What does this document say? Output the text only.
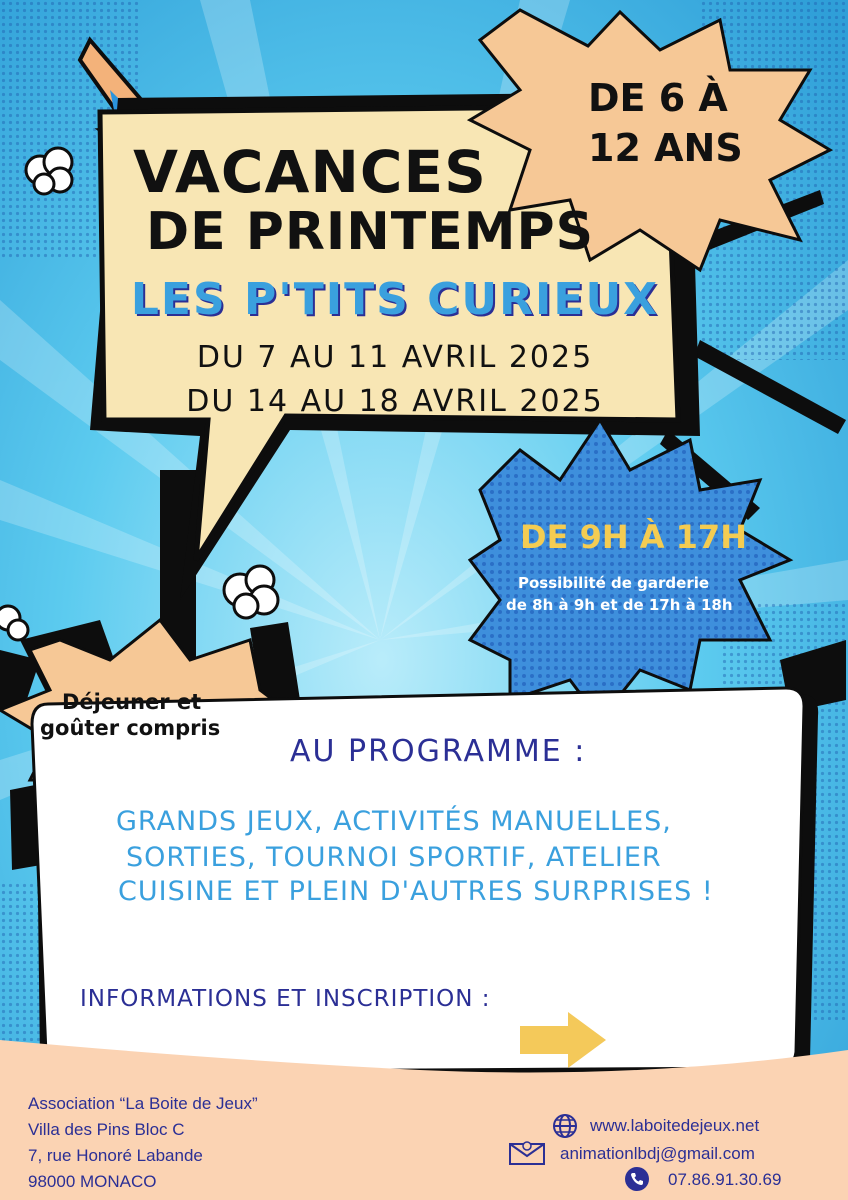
VACANCES
DE PRINTEMPS
LES P'TITS CURIEUX
DU 7 AU 11 AVRIL 2025
DU 14 AU 18 AVRIL 2025
DE 6 À
12 ANS
DE 9H À 17H
Possibilité de garderie
de 8h à 9h et de 17h à 18h
Déjeuner et
goûter compris
AU PROGRAMME :
GRANDS JEUX, ACTIVITÉS MANUELLES,
SORTIES, TOURNOI SPORTIF, ATELIER
CUISINE ET PLEIN D'AUTRES SURPRISES !
INFORMATIONS ET INSCRIPTION :
Association “La Boite de Jeux”
Villa des Pins Bloc C
7, rue Honoré Labande
98000 MONACO
www.laboitedejeux.net
animationlbdj@gmail.com
07.86.91.30.69
